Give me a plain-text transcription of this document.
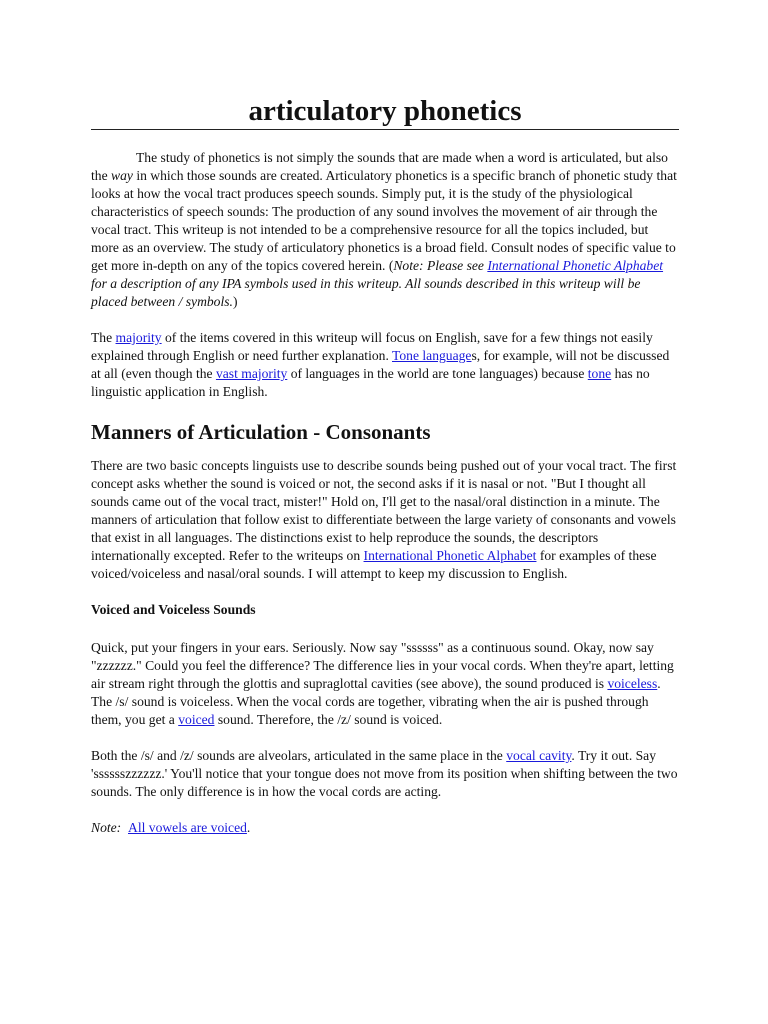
articulatory phonetics

The study of phonetics is not simply the sounds that are made when a word is articulated, but also the way in which those sounds are created. Articulatory phonetics is a specific branch of phonetic study that looks at how the vocal tract produces speech sounds. Simply put, it is the study of the physiological characteristics of speech sounds: The production of any sound involves the movement of air through the vocal tract. This writeup is not intended to be a comprehensive resource for all the topics included, but more as an overview. The study of articulatory phonetics is a broad field. Consult nodes of specific value to get more in-depth on any of the topics covered herein. (Note: Please see International Phonetic Alphabet for a description of any IPA symbols used in this writeup. All sounds described in this writeup will be placed between / symbols.)

The majority of the items covered in this writeup will focus on English, save for a few things not easily explained through English or need further explanation. Tone languages, for example, will not be discussed at all (even though the vast majority of languages in the world are tone languages) because tone has no linguistic application in English.

Manners of Articulation - Consonants

There are two basic concepts linguists use to describe sounds being pushed out of your vocal tract. The first concept asks whether the sound is voiced or not, the second asks if it is nasal or not. "But I thought all sounds came out of the vocal tract, mister!" Hold on, I'll get to the nasal/oral distinction in a minute. The manners of articulation that follow exist to differentiate between the large variety of consonants and vowels that exist in all languages. The distinctions exist to help reproduce the sounds, the descriptors internationally excepted. Refer to the writeups on International Phonetic Alphabet for examples of these voiced/voiceless and nasal/oral sounds. I will attempt to keep my discussion to English.

Voiced and Voiceless Sounds

Quick, put your fingers in your ears. Seriously. Now say "ssssss" as a continuous sound. Okay, now say "zzzzzz." Could you feel the difference? The difference lies in your vocal cords. When they're apart, letting air stream right through the glottis and supraglottal cavities (see above), the sound produced is voiceless. The /s/ sound is voiceless. When the vocal cords are together, vibrating when the air is pushed through them, you get a voiced sound. Therefore, the /z/ sound is voiced.

Both the /s/ and /z/ sounds are alveolars, articulated in the same place in the vocal cavity. Try it out. Say 'sssssszzzzzz.' You'll notice that your tongue does not move from its position when shifting between the two sounds. The only difference is in how the vocal cords are acting.

Note: All vowels are voiced.
